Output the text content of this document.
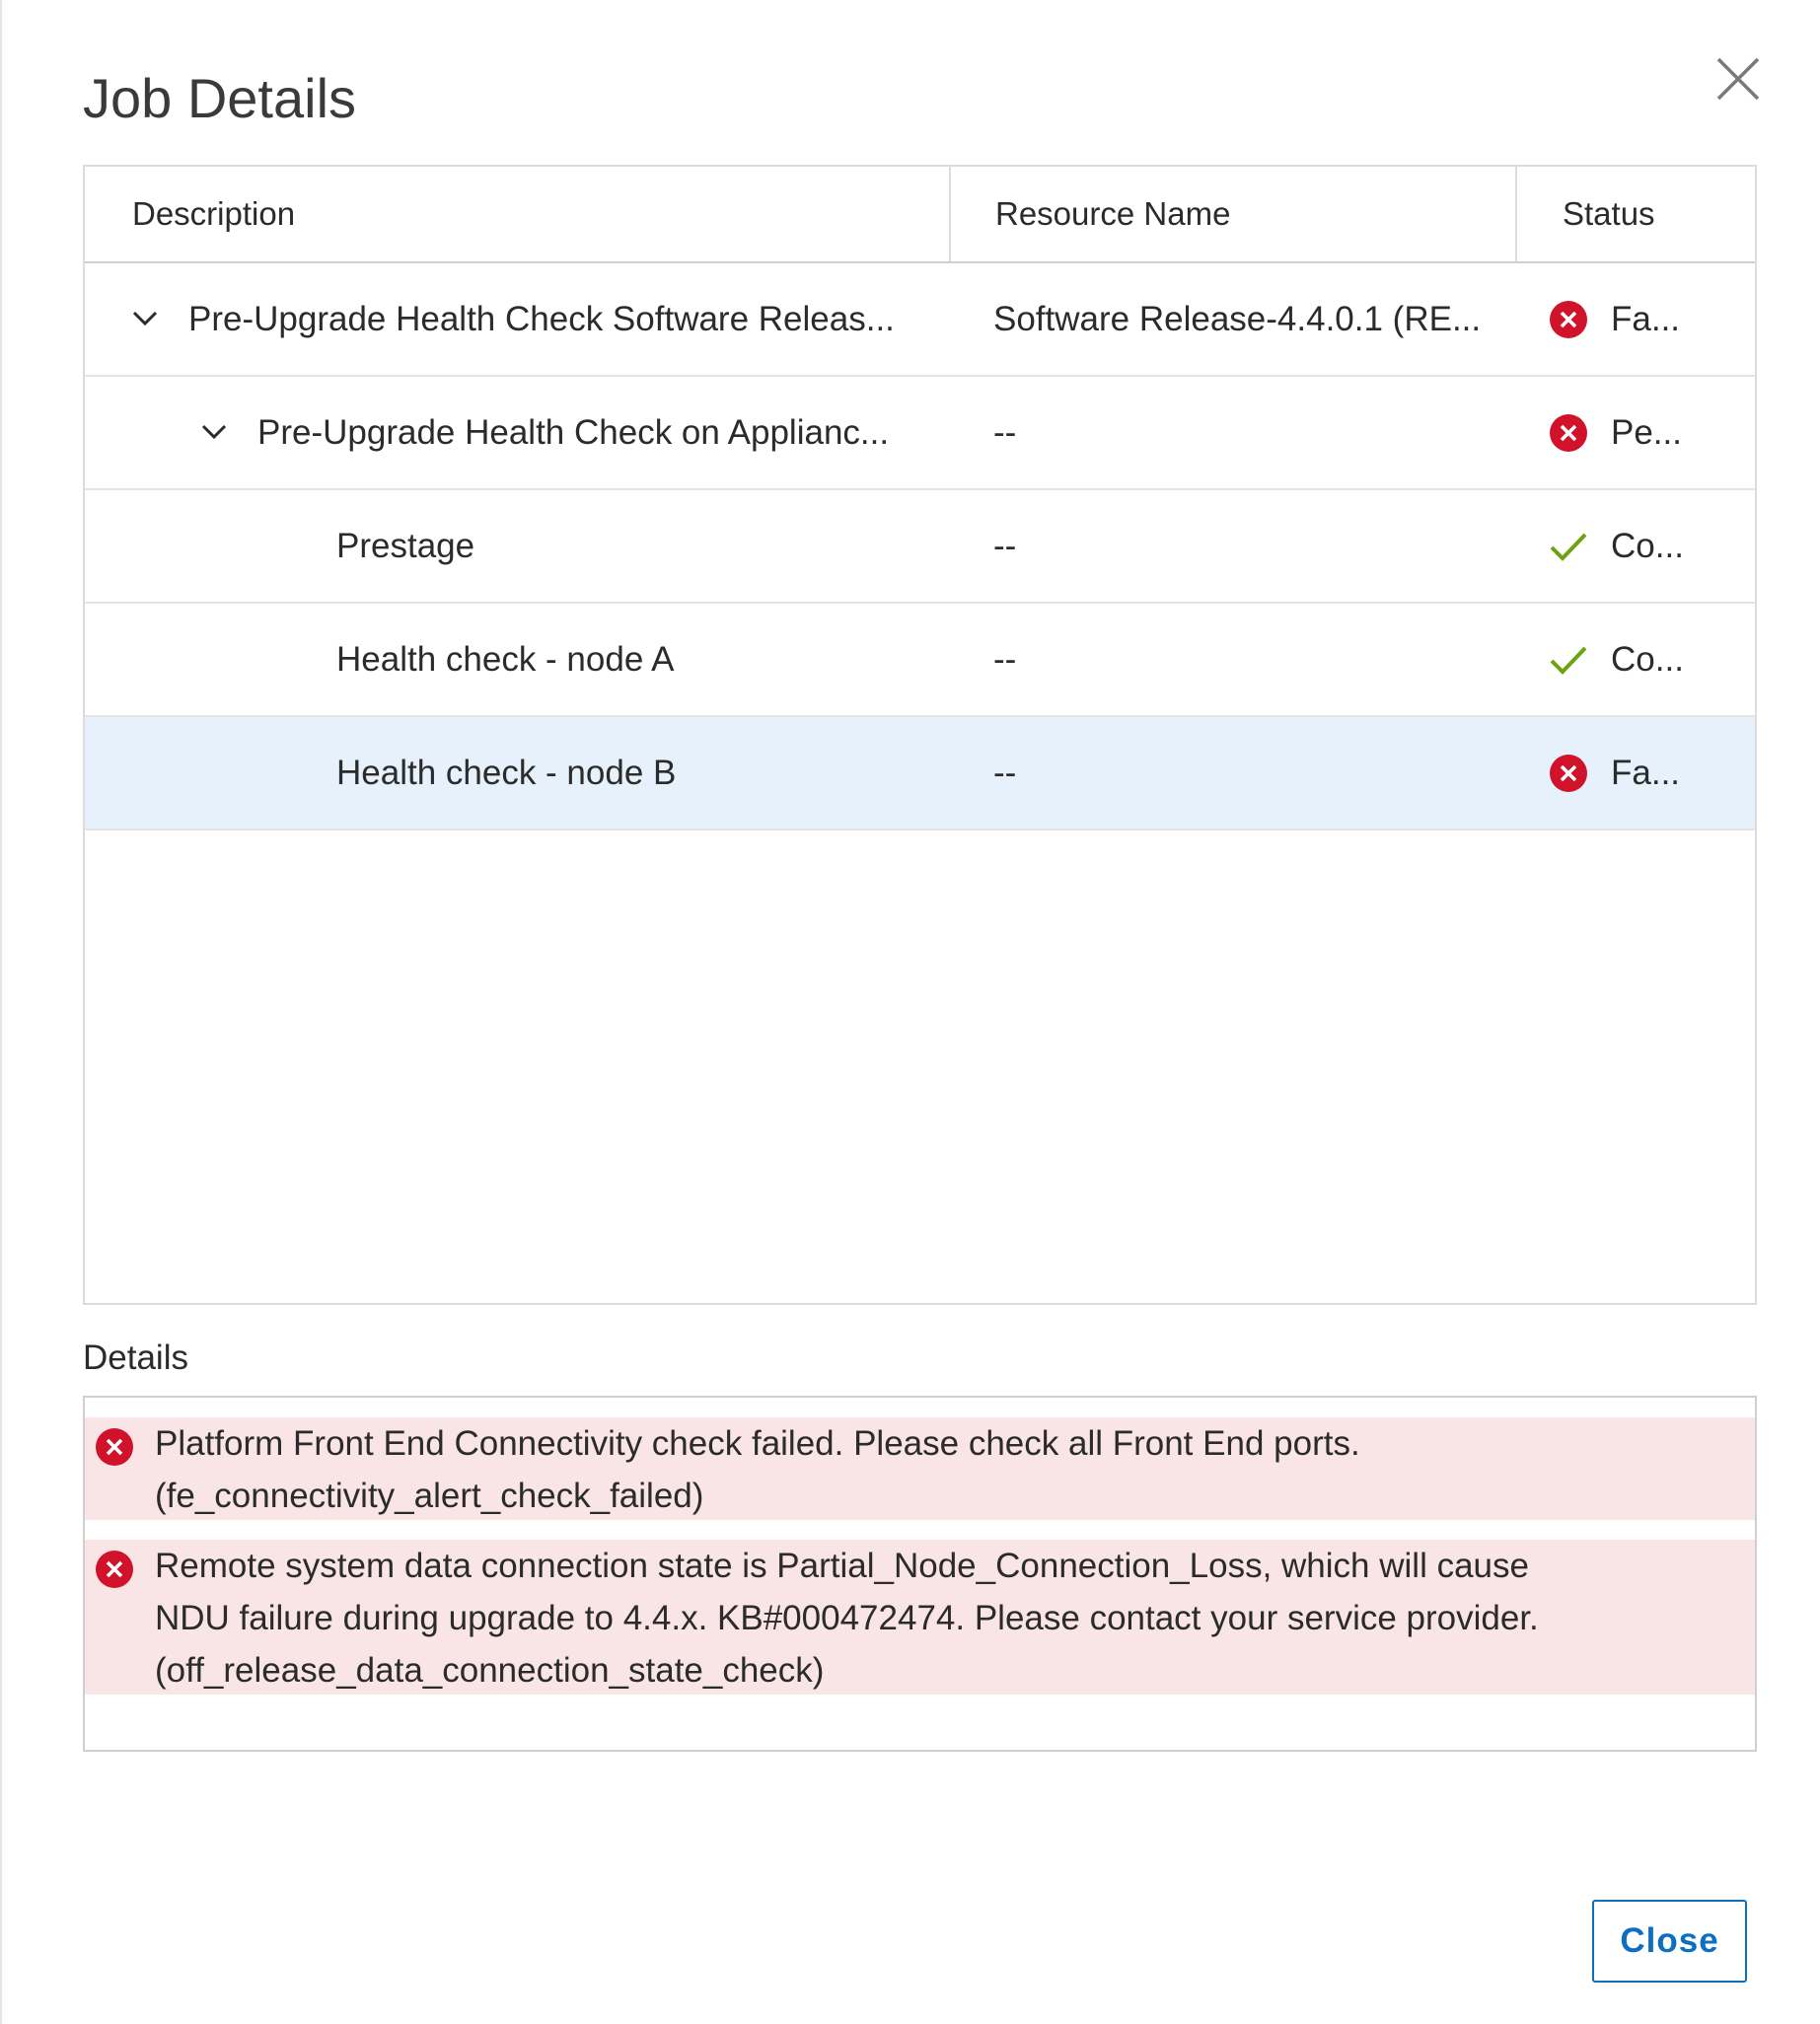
Job Details
Description	Resource Name	Status
Pre-Upgrade Health Check Software Releas...	Software Release-4.4.0.1 (RE...	Fa...
Pre-Upgrade Health Check on Applianc...	--	Pe...
Prestage	--	Co...
Health check - node A	--	Co...
Health check - node B	--	Fa...
Details
Platform Front End Connectivity check failed. Please check all Front End ports.
(fe_connectivity_alert_check_failed)
Remote system data connection state is Partial_Node_Connection_Loss, which will cause
NDU failure during upgrade to 4.4.x. KB#000472474. Please contact your service provider.
(off_release_data_connection_state_check)
Close
